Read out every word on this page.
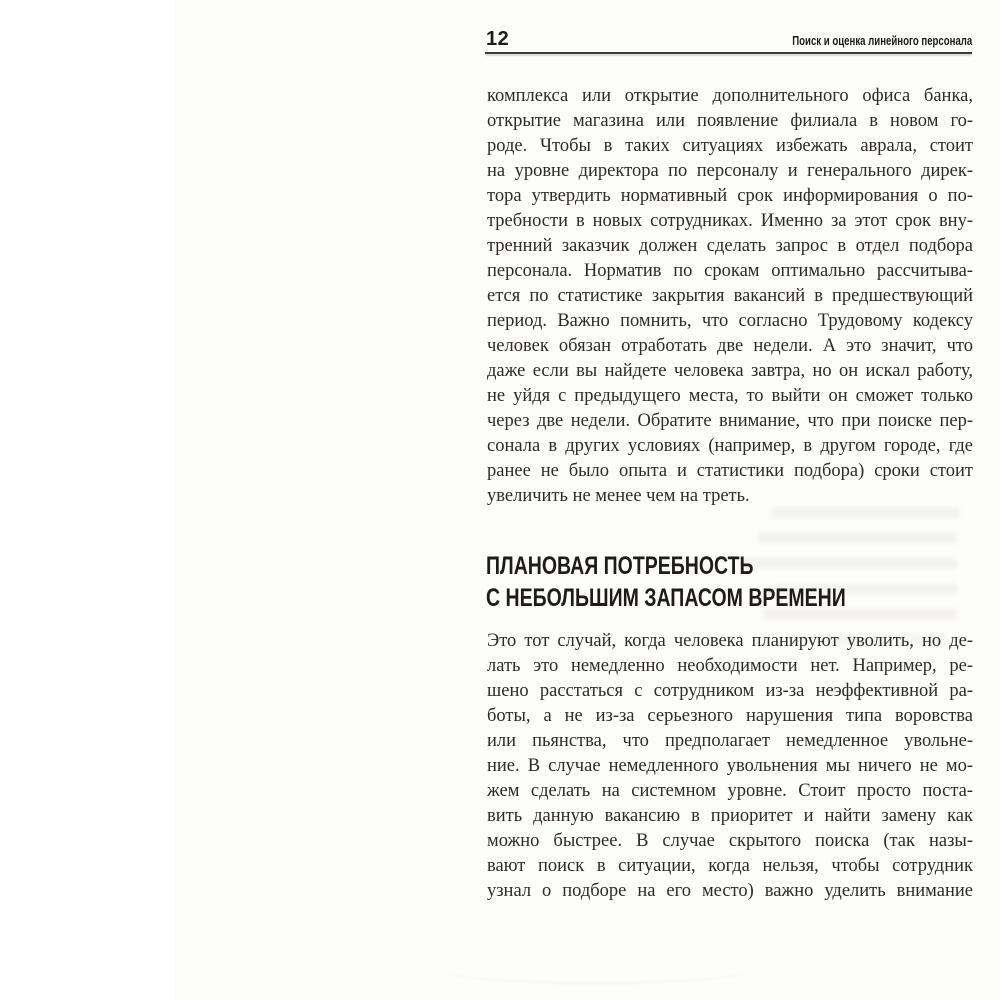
12	Поиск и оценка линейного персонала
комплекса или открытие дополнительного офиса банка,
открытие магазина или появление филиала в новом го-
роде. Чтобы в таких ситуациях избежать аврала, стоит
на уровне директора по персоналу и генерального дирек-
тора утвердить нормативный срок информирования о по-
требности в новых сотрудниках. Именно за этот срок вну-
тренний заказчик должен сделать запрос в отдел подбора
персонала. Норматив по срокам оптимально рассчитыва-
ется по статистике закрытия вакансий в предшествующий
период. Важно помнить, что согласно Трудовому кодексу
человек обязан отработать две недели. А это значит, что
даже если вы найдете человека завтра, но он искал работу,
не уйдя с предыдущего места, то выйти он сможет только
через две недели. Обратите внимание, что при поиске пер-
сонала в других условиях (например, в другом городе, где
ранее не было опыта и статистики подбора) сроки стоит
увеличить не менее чем на треть.
ПЛАНОВАЯ ПОТРЕБНОСТЬ
С НЕБОЛЬШИМ ЗАПАСОМ ВРЕМЕНИ
Это тот случай, когда человека планируют уволить, но де-
лать это немедленно необходимости нет. Например, ре-
шено расстаться с сотрудником из-за неэффективной ра-
боты, а не из-за серьезного нарушения типа воровства
или пьянства, что предполагает немедленное увольне-
ние. В случае немедленного увольнения мы ничего не мо-
жем сделать на системном уровне. Стоит просто поста-
вить данную вакансию в приоритет и найти замену как
можно быстрее. В случае скрытого поиска (так назы-
вают поиск в ситуации, когда нельзя, чтобы сотрудник
узнал о подборе на его место) важно уделить внимание
